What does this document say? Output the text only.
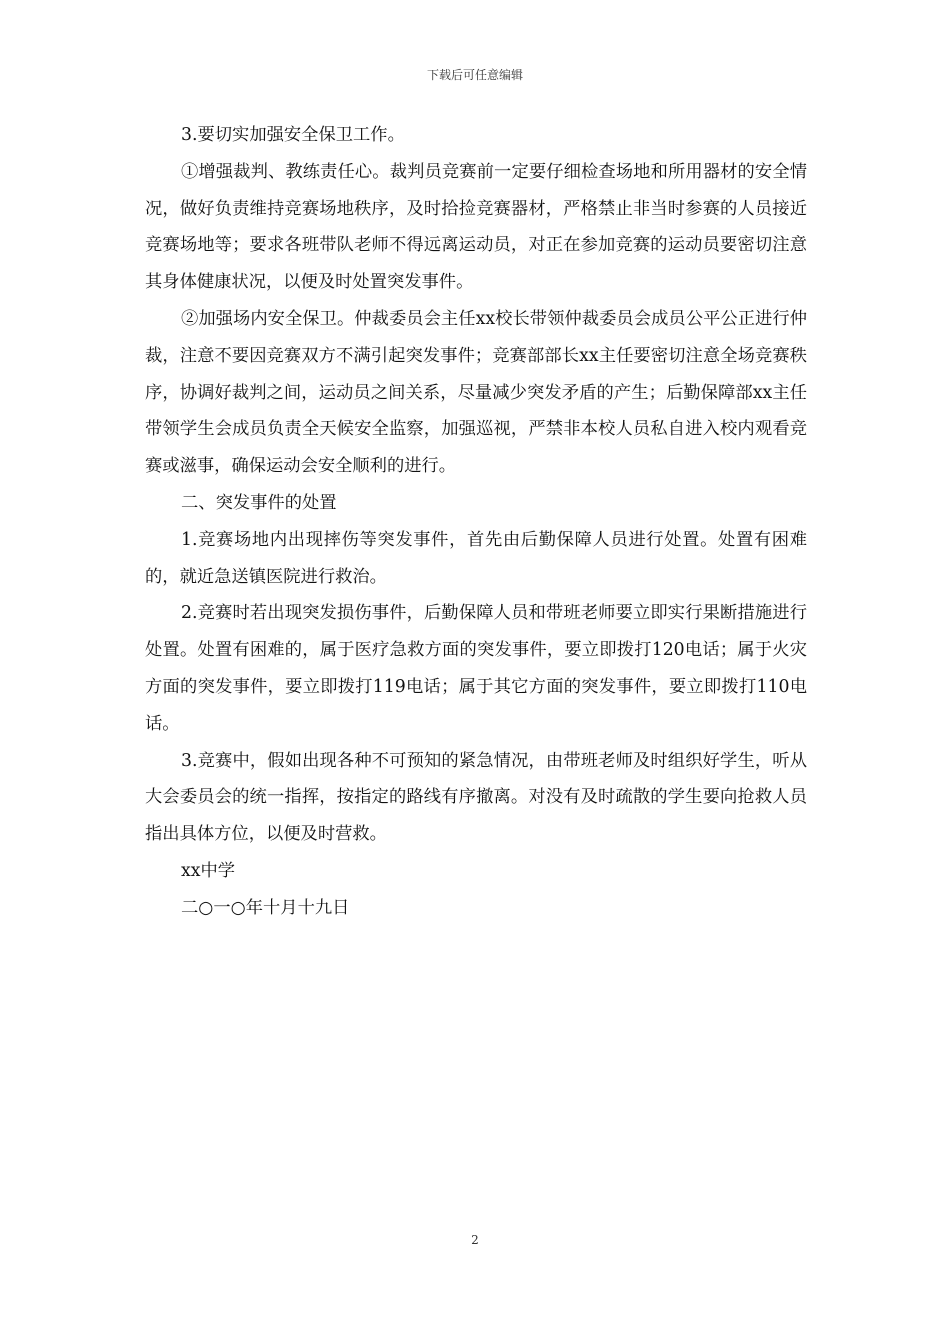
下载后可任意编辑

3.要切实加强安全保卫工作。

①增强裁判、教练责任心。裁判员竞赛前一定要仔细检查场地和所用器材的安全情况，做好负责维持竞赛场地秩序，及时拾捡竞赛器材，严格禁止非当时参赛的人员接近竞赛场地等；要求各班带队老师不得远离运动员，对正在参加竞赛的运动员要密切注意其身体健康状况，以便及时处置突发事件。

②加强场内安全保卫。仲裁委员会主任xx校长带领仲裁委员会成员公平公正进行仲裁，注意不要因竞赛双方不满引起突发事件；竞赛部部长xx主任要密切注意全场竞赛秩序，协调好裁判之间，运动员之间关系，尽量减少突发矛盾的产生；后勤保障部xx主任带领学生会成员负责全天候安全监察，加强巡视，严禁非本校人员私自进入校内观看竞赛或滋事，确保运动会安全顺利的进行。

二、突发事件的处置

1.竞赛场地内出现摔伤等突发事件，首先由后勤保障人员进行处置。处置有困难的，就近急送镇医院进行救治。

2.竞赛时若出现突发损伤事件，后勤保障人员和带班老师要立即实行果断措施进行处置。处置有困难的，属于医疗急救方面的突发事件，要立即拨打120电话；属于火灾方面的突发事件，要立即拨打119电话；属于其它方面的突发事件，要立即拨打110电话。

3.竞赛中，假如出现各种不可预知的紧急情况，由带班老师及时组织好学生，听从大会委员会的统一指挥，按指定的路线有序撤离。对没有及时疏散的学生要向抢救人员指出具体方位，以便及时营救。

xx中学

二○一○年十月十九日

2
